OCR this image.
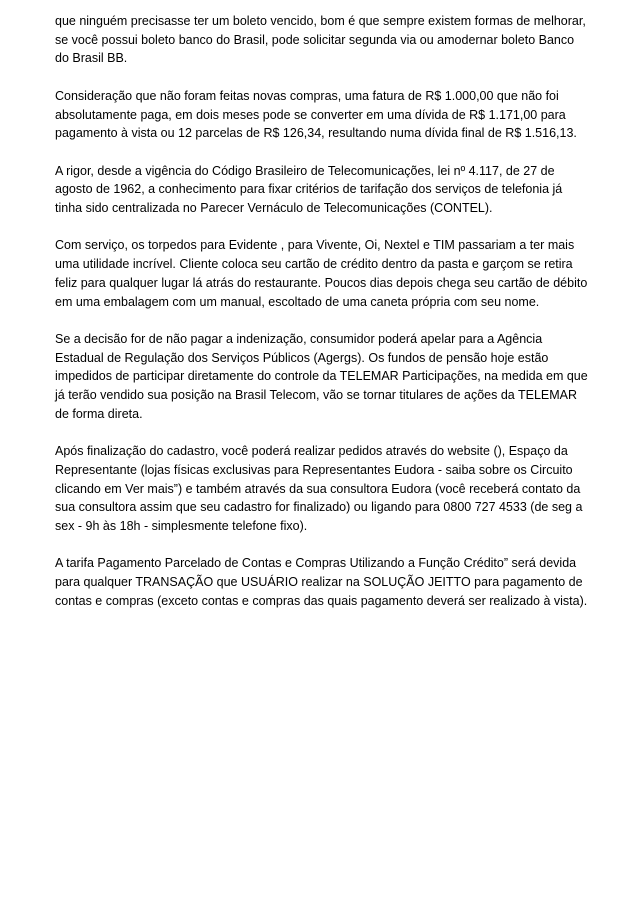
que ninguém precisasse ter um boleto vencido, bom é que sempre existem formas de melhorar, se você possui boleto banco do Brasil, pode solicitar segunda via ou amodernar boleto Banco do Brasil BB.

Consideração que não foram feitas novas compras, uma fatura de R$ 1.000,00 que não foi absolutamente paga, em dois meses pode se converter em uma dívida de R$ 1.171,00 para pagamento à vista ou 12 parcelas de R$ 126,34, resultando numa dívida final de R$ 1.516,13.

A rigor, desde a vigência do Código Brasileiro de Telecomunicações, lei nº 4.117, de 27 de agosto de 1962, a conhecimento para fixar critérios de tarifação dos serviços de telefonia já tinha sido centralizada no Parecer Vernáculo de Telecomunicações (CONTEL).

Com serviço, os torpedos para Evidente , para Vivente, Oi, Nextel e TIM passariam a ter mais uma utilidade incrível. Cliente coloca seu cartão de crédito dentro da pasta e garçom se retira feliz para qualquer lugar lá atrás do restaurante. Poucos dias depois chega seu cartão de débito em uma embalagem com um manual, escoltado de uma caneta própria com seu nome.

Se a decisão for de não pagar a indenização, consumidor poderá apelar para a Agência Estadual de Regulação dos Serviços Públicos (Agergs). Os fundos de pensão hoje estão impedidos de participar diretamente do controle da TELEMAR Participações, na medida em que já terão vendido sua posição na Brasil Telecom, vão se tornar titulares de ações da TELEMAR de forma direta.

Após finalização do cadastro, você poderá realizar pedidos através do website (), Espaço da Representante (lojas físicas exclusivas para Representantes Eudora - saiba sobre os Circuito clicando em Ver mais”) e também através da sua consultora Eudora (você receberá contato da sua consultora assim que seu cadastro for finalizado) ou ligando para 0800 727 4533 (de seg a sex - 9h às 18h - simplesmente telefone fixo).

A tarifa Pagamento Parcelado de Contas e Compras Utilizando a Função Crédito” será devida para qualquer TRANSAÇÃO que USUÁRIO realizar na SOLUÇÃO JEITTO para pagamento de contas e compras (exceto contas e compras das quais pagamento deverá ser realizado à vista).
